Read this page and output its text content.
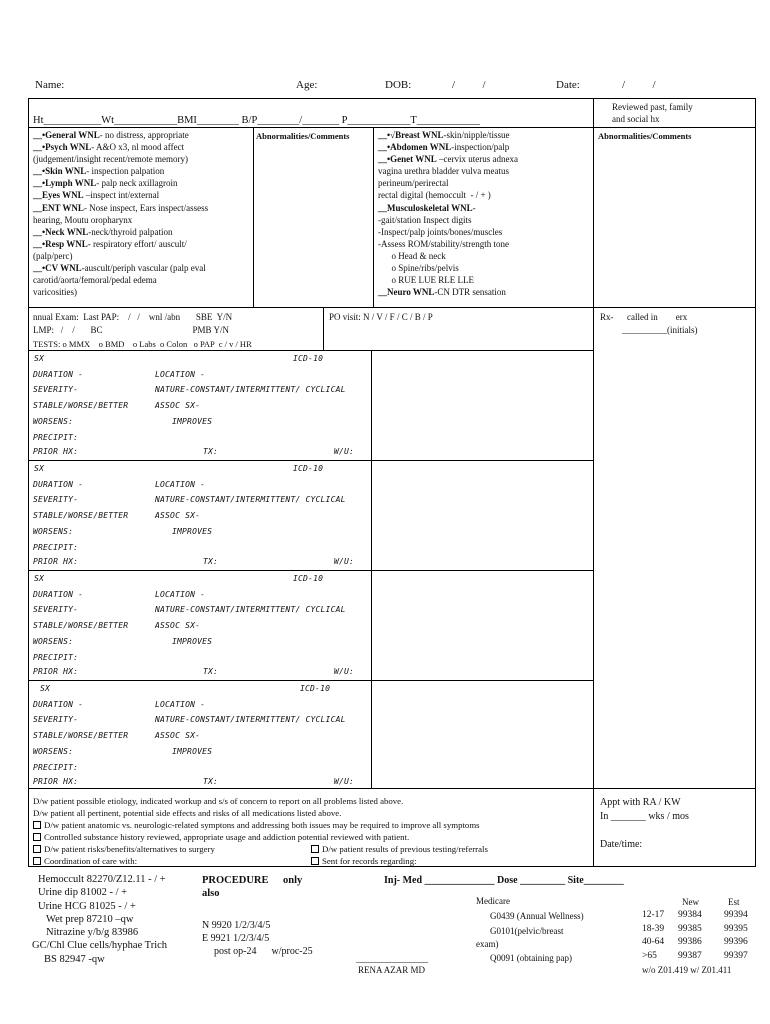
Name:	Age:	DOB:	/          /	Date:	/          /
Ht___________Wt____________BMI________ B/P________/_______ P____________T____________
Reviewed past, family
and social hx
__•General WNL- no distress, appropriate
__•Psych WNL- A&O x3, nl mood affect
(judgement/insight recent/remote memory)
__•Skin WNL- inspection palpation
__•Lymph WNL- palp neck axillagroin
__Eyes WNL –inspect int/external
__ENT WNL- Nose inspect, Ears inspect/assess
hearing, Moutu oropharynx
__•Neck WNL-neck/thyroid palpation
__•Resp WNL- respiratory effort/ auscult/
(palp/perc)
__•CV WNL-auscult/periph vascular (palp eval
carotid/aorta/femoral/pedal edema
varicosities)
Abnormalities/Comments	__•√Breast WNL-skin/nipple/tissue
__•Abdomen WNL-inspection/palp
__•Genet WNL –cervix uterus adnexa
vagina urethra bladder vulva meatus
perineum/perirectal
rectal digital (hemoccult  - / + )
__Musculoskeletal WNL-
-gait/station Inspect digits
-Inspect/palp joints/bones/muscles
-Assess ROM/stability/strength tone
o Head & neck
o Spine/ribs/pelvis
o RUE LUE RLE LLE
__Neuro WNL-CN DTR sensation
Abnormalities/Comments
nnual Exam:  Last PAP:    /   /    wnl /abn       SBE  Y/N
LMP:   /    /       BC                                        PMB Y/N
TESTS: o MMX    o BMD    o Labs  o Colon   o PAP  c / v / HR
PO visit: N / V / F / C / B / P	Rx-      called in        erx
__________(initials)
SX	ICD-10
DURATION -	LOCATION -
SEVERITY-	NATURE-CONSTANT/INTERMITTENT/ CYCLICAL
STABLE/WORSE/BETTER	ASSOC SX-
WORSENS:	IMPROVES
PRECIPIT:
PRIOR HX:	TX:	W/U:
SX	ICD-10
DURATION -	LOCATION -
SEVERITY-	NATURE-CONSTANT/INTERMITTENT/ CYCLICAL
STABLE/WORSE/BETTER	ASSOC SX-
WORSENS:	IMPROVES
PRECIPIT:
PRIOR HX:	TX:	W/U:
SX	ICD-10
DURATION -	LOCATION -
SEVERITY-	NATURE-CONSTANT/INTERMITTENT/ CYCLICAL
STABLE/WORSE/BETTER	ASSOC SX-
WORSENS:	IMPROVES
PRECIPIT:
PRIOR HX:	TX:	W/U:
SX	ICD-10
DURATION -	LOCATION -
SEVERITY-	NATURE-CONSTANT/INTERMITTENT/ CYCLICAL
STABLE/WORSE/BETTER	ASSOC SX-
WORSENS:	IMPROVES
PRECIPIT:
PRIOR HX:	TX:	W/U:
D/w patient possible etiology, indicated workup and s/s of concern to report on all problems listed above.
D/w patient all pertinent, potential side effects and risks of all medications listed above.
D/w patient anatomic vs. neurologic-related symptons and addressing both issues may be required to improve all symptoms
Controlled substance history reviewed, appropriate usage and addiction potential reviewed with patient.
D/w patient risks/benefits/alternatives to surgery	D/w patient results of previous testing/referrals
Coordination of care with:	Sent for records regarding:
Appt with RA / KW
In _______ wks / mos
Date/time:
Hemoccult 82270/Z12.11 - / +
Urine dip 81002 - / +
Urine HCG 81025 - / +
Wet prep 87210 –qw
Nitrazine y/b/g 83986
GC/Chl Clue cells/hyphae Trich
BS 82947 -qw
PROCEDURE only
also
N 9920 1/2/3/4/5
E 9921 1/2/3/4/5
post op-24      w/proc-25
Inj- Med ______________ Dose _________ Site________
Medicare
G0439 (Annual Wellness)
G0101(pelvic/breast
exam)
Q0091 (obtaining pap)
________________
RENA AZAR MD
New	Est
12-17	99384	99394
18-39	99385	99395
40-64	99386	99396
>65	99387	99397
w/o Z01.419 w/ Z01.411
